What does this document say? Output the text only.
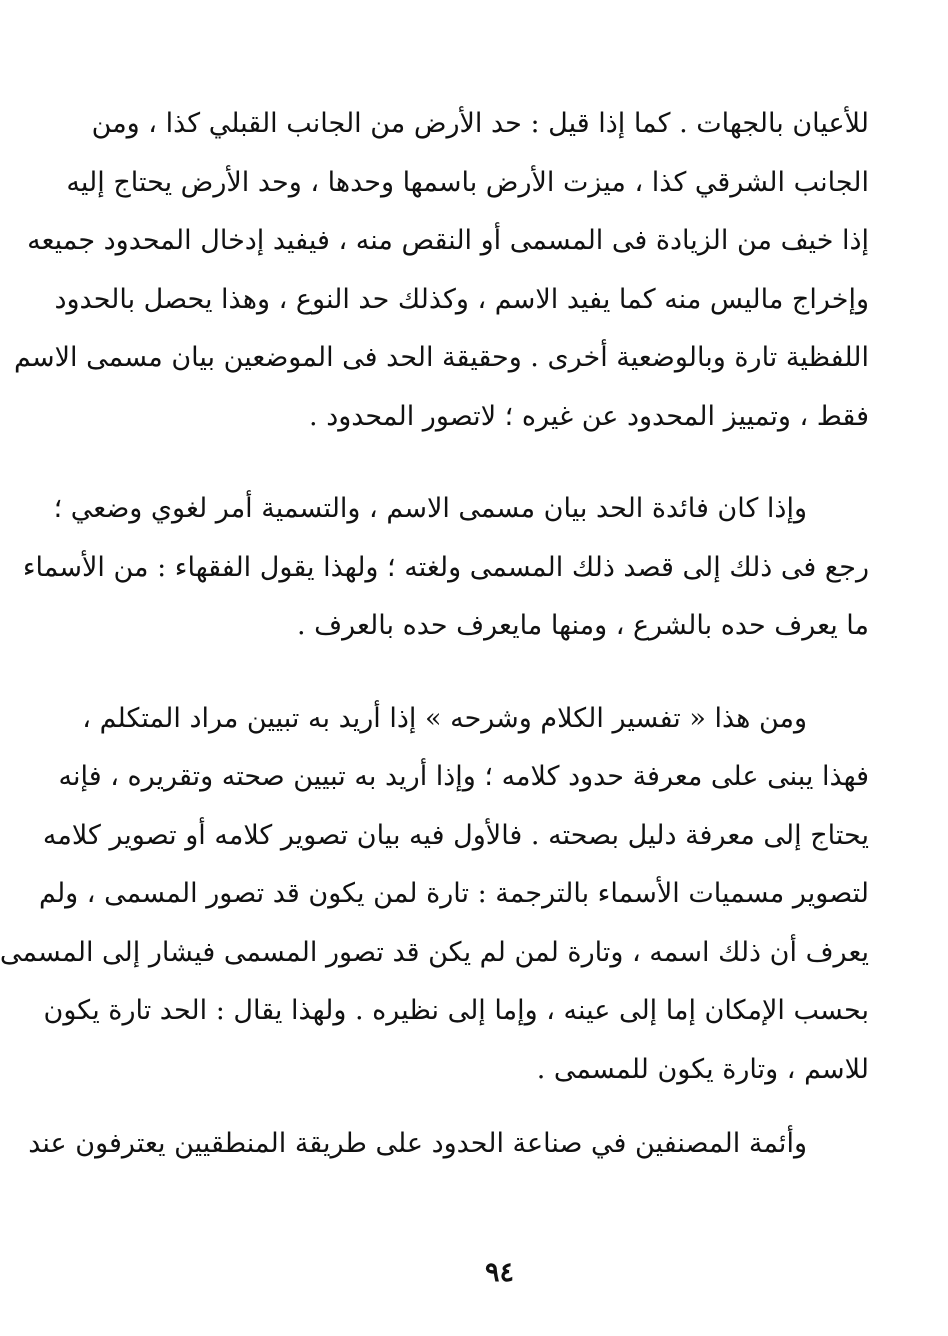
للأعيان بالجهات . كما إذا قيل : حد الأرض من الجانب القبلي كذا ، ومن
الجانب الشرقي كذا ، ميزت الأرض باسمها وحدها ، وحد الأرض يحتاج إليه
إذا خيف من الزيادة فى المسمى أو النقص منه ، فيفيد إدخال المحدود جميعه
وإخراج ماليس منه كما يفيد الاسم ، وكذلك حد النوع ، وهذا يحصل بالحدود
اللفظية تارة وبالوضعية أخرى . وحقيقة الحد فى الموضعين بيان مسمى الاسم
فقط ، وتمييز المحدود عن غيره ؛ لاتصور المحدود .
وإذا كان فائدة الحد بيان مسمى الاسم ، والتسمية أمر لغوي وضعي ؛
رجع فى ذلك إلى قصد ذلك المسمى ولغته ؛ ولهذا يقول الفقهاء : من الأسماء
ما يعرف حده بالشرع ، ومنها مايعرف حده بالعرف .
ومن هذا « تفسير الكلام وشرحه » إذا أريد به تبيين مراد المتكلم ،
فهذا يبنى على معرفة حدود كلامه ؛ وإذا أريد به تبيين صحته وتقريره ، فإنه
يحتاج إلى معرفة دليل بصحته . فالأول فيه بيان تصوير كلامه أو تصوير كلامه
لتصوير مسميات الأسماء بالترجمة : تارة لمن يكون قد تصور المسمى ، ولم
يعرف أن ذلك اسمه ، وتارة لمن لم يكن قد تصور المسمى فيشار إلى المسمى
بحسب الإمكان إما إلى عينه ، وإما إلى نظيره . ولهذا يقال : الحد تارة يكون
للاسم ، وتارة يكون للمسمى .
وأئمة المصنفين في صناعة الحدود على طريقة المنطقيين يعترفون عند
٩٤
